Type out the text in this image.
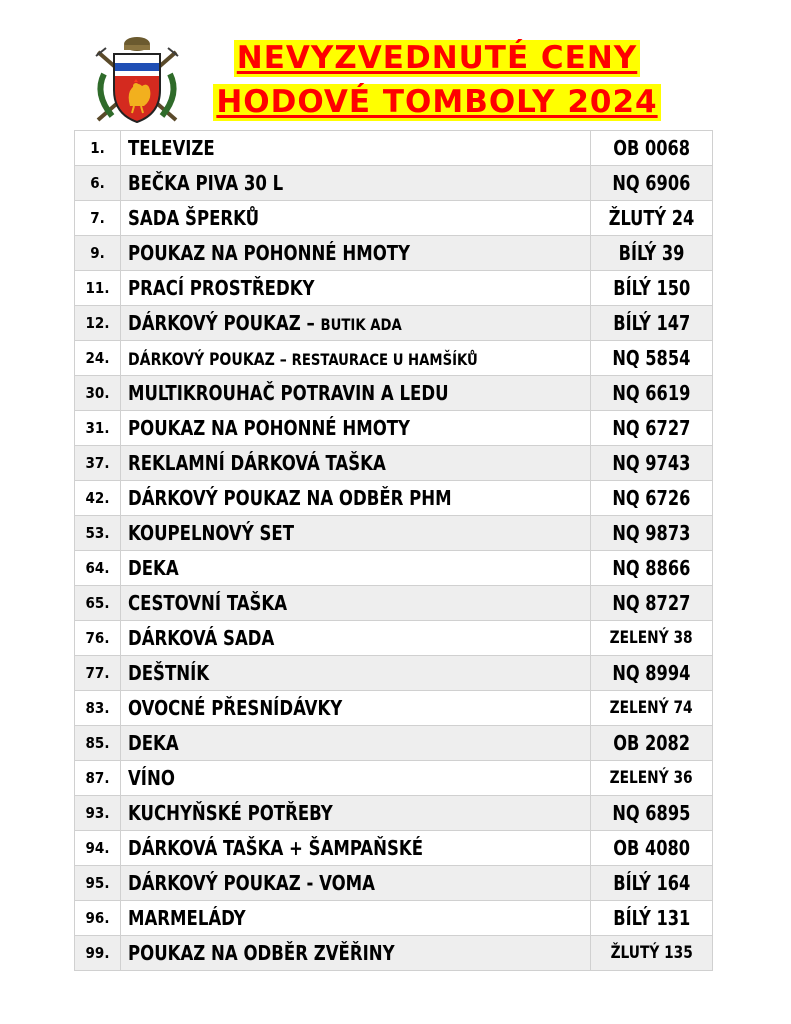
NEVYZVEDNUTÉ CENY
HODOVÉ TOMBOLY 2024
1.	TELEVIZE	OB 0068
6.	BEČKA PIVA 30 L	NQ 6906
7.	SADA ŠPERKŮ	ŽLUTÝ 24
9.	POUKAZ NA POHONNÉ HMOTY	BÍLÝ 39
11.	PRACÍ PROSTŘEDKY	BÍLÝ 150
12.	DÁRKOVÝ POUKAZ – BUTIK ADA	BÍLÝ 147
24.	DÁRKOVÝ POUKAZ – RESTAURACE U HAMŠÍKŮ	NQ 5854
30.	MULTIKROUHAČ POTRAVIN A LEDU	NQ 6619
31.	POUKAZ NA POHONNÉ HMOTY	NQ 6727
37.	REKLAMNÍ DÁRKOVÁ TAŠKA	NQ 9743
42.	DÁRKOVÝ POUKAZ NA ODBĚR PHM	NQ 6726
53.	KOUPELNOVÝ SET	NQ 9873
64.	DEKA	NQ 8866
65.	CESTOVNÍ TAŠKA	NQ 8727
76.	DÁRKOVÁ SADA	ZELENÝ 38
77.	DEŠTNÍK	NQ 8994
83.	OVOCNÉ PŘESNÍDÁVKY	ZELENÝ 74
85.	DEKA	OB 2082
87.	VÍNO	ZELENÝ 36
93.	KUCHYŇSKÉ POTŘEBY	NQ 6895
94.	DÁRKOVÁ TAŠKA + ŠAMPAŇSKÉ	OB 4080
95.	DÁRKOVÝ POUKAZ - VOMA	BÍLÝ 164
96.	MARMELÁDY	BÍLÝ 131
99.	POUKAZ NA ODBĚR ZVĚŘINY	ŽLUTÝ 135
